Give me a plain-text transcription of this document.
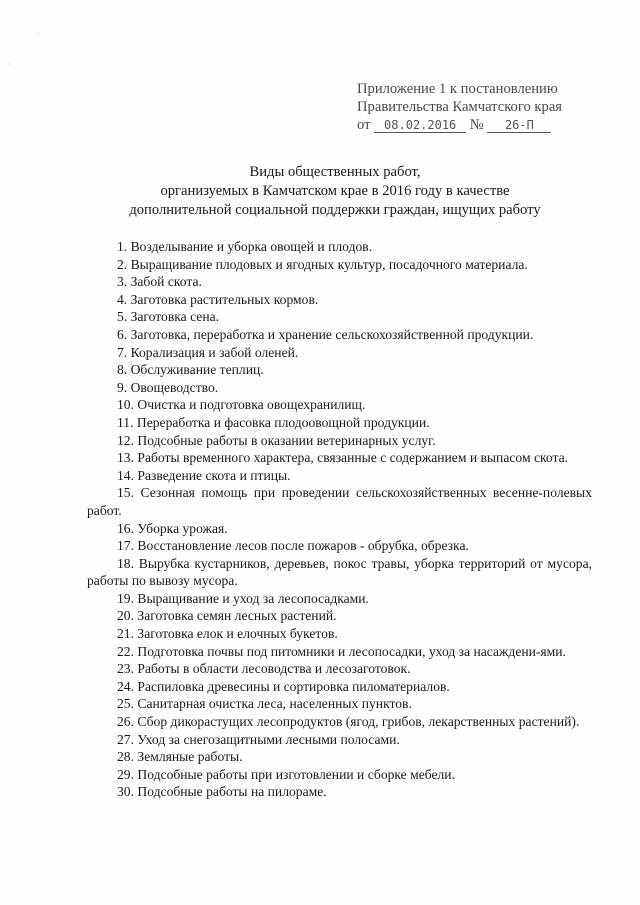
·
·
Приложение 1 к постановлению
Правительства Камчатского края
от 08.02.2016 № 26-П
Виды общественных работ,
организуемых в Камчатском крае в 2016 году в качестве
дополнительной социальной поддержки граждан, ищущих работу

1. Возделывание и уборка овощей и плодов.

2. Выращивание плодовых и ягодных культур, посадочного материала.

3. Забой скота.

4. Заготовка растительных кормов.

5. Заготовка сена.

6. Заготовка, переработка и хранение сельскохозяйственной продукции.

7. Корализация и забой оленей.

8. Обслуживание теплиц.

9. Овощеводство.

10. Очистка и подготовка овощехранилищ.

11. Переработка и фасовка плодоовощной продукции.

12. Подсобные работы в оказании ветеринарных услуг.

13. Работы временного характера, связанные с содержанием и выпасом скота.

14. Разведение скота и птицы.

15. Сезонная помощь при проведении сельскохозяйственных весенне-полевых работ.

16. Уборка урожая.

17. Восстановление лесов после пожаров - обрубка, обрезка.

18. Вырубка кустарников, деревьев, покос травы, уборка территорий от мусора, работы по вывозу мусора.

19. Выращивание и уход за лесопосадками.

20. Заготовка семян лесных растений.

21. Заготовка елок и елочных букетов.

22. Подготовка почвы под питомники и лесопосадки, уход за насаждени-ями.

23. Работы в области лесоводства и лесозаготовок.

24. Распиловка древесины и сортировка пиломатериалов.

25. Санитарная очистка леса, населенных пунктов.

26. Сбор дикорастущих лесопродуктов (ягод, грибов, лекарственных растений).

27. Уход за снегозащитными лесными полосами.

28. Земляные работы.

29. Подсобные работы при изготовлении и сборке мебели.

30. Подсобные работы на пилораме.
